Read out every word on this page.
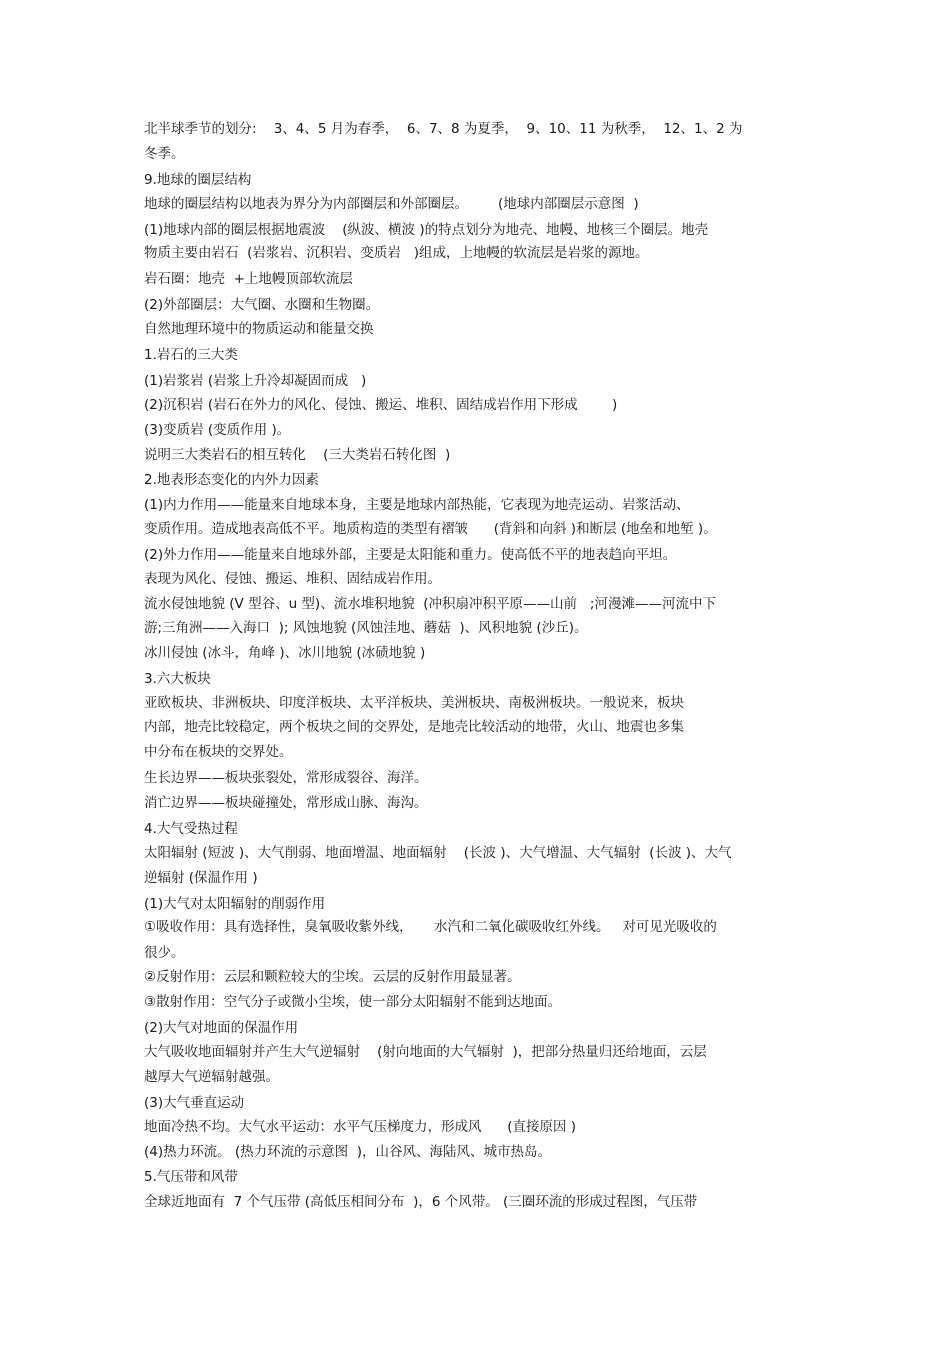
北半球季节的划分:    3、4、5 月为春季，  6、7、8 为夏季，  9、10、11 为秋季，  12、1、2 为
冬季。
9.地球的圈层结构
地球的圈层结构以地表为界分为内部圈层和外部圈层。       (地球内部圈层示意图  )
(1)地球内部的圈层根据地震波    (纵波、横波 )的特点划分为地壳、地幔、地核三个圈层。地壳
物质主要由岩石  (岩浆岩、沉积岩、变质岩   )组成，上地幔的软流层是岩浆的源地。
岩石圈：地壳  +上地幔顶部软流层
(2)外部圈层：大气圈、水圈和生物圈。
自然地理环境中的物质运动和能量交换
1.岩石的三大类
(1)岩浆岩 (岩浆上升冷却凝固而成   )
(2)沉积岩 (岩石在外力的风化、侵蚀、搬运、堆积、固结成岩作用下形成        )
(3)变质岩 (变质作用 )。
说明三大类岩石的相互转化    (三大类岩石转化图  )
2.地表形态变化的内外力因素
(1)内力作用——能量来自地球本身，主要是地球内部热能，它表现为地壳运动、岩浆活动、
变质作用。造成地表高低不平。地质构造的类型有褶皱      (背斜和向斜 )和断层 (地垒和地堑 )。
(2)外力作用——能量来自地球外部，主要是太阳能和重力。使高低不平的地表趋向平坦。
表现为风化、侵蚀、搬运、堆积、固结成岩作用。
流水侵蚀地貌 (V 型谷、u 型)、流水堆积地貌  (冲积扇冲积平原——山前   ;河漫滩——河流中下
游;三角洲——入海口  ); 风蚀地貌 (风蚀洼地、蘑菇  )、风积地貌 (沙丘)。
冰川侵蚀 (冰斗，角峰 )、冰川地貌 (冰碛地貌 )
3.六大板块
亚欧板块、非洲板块、印度洋板块、太平洋板块、美洲板块、南极洲板块。一般说来，板块
内部，地壳比较稳定，两个板块之间的交界处，是地壳比较活动的地带，火山、地震也多集
中分布在板块的交界处。
生长边界——板块张裂处，常形成裂谷、海洋。
消亡边界——板块碰撞处，常形成山脉、海沟。
4.大气受热过程
太阳辐射 (短波 )、大气削弱、地面增温、地面辐射    (长波 )、大气增温、大气辐射  (长波 )、大气
逆辐射 (保温作用 )
(1)大气对太阳辐射的削弱作用
①吸收作用：具有选择性，臭氧吸收紫外线，     水汽和二氧化碳吸收红外线。   对可见光吸收的
很少。
②反射作用：云层和颗粒较大的尘埃。云层的反射作用最显著。
③散射作用：空气分子或微小尘埃，使一部分太阳辐射不能到达地面。
(2)大气对地面的保温作用
大气吸收地面辐射并产生大气逆辐射    (射向地面的大气辐射  )，把部分热量归还给地面，云层
越厚大气逆辐射越强。
(3)大气垂直运动
地面冷热不均。大气水平运动：水平气压梯度力，形成风      (直接原因 )
(4)热力环流。 (热力环流的示意图  )，山谷风、海陆风、城市热岛。
5.气压带和风带
全球近地面有  7 个气压带 (高低压相间分布  )，6 个风带。 (三圈环流的形成过程图，气压带
